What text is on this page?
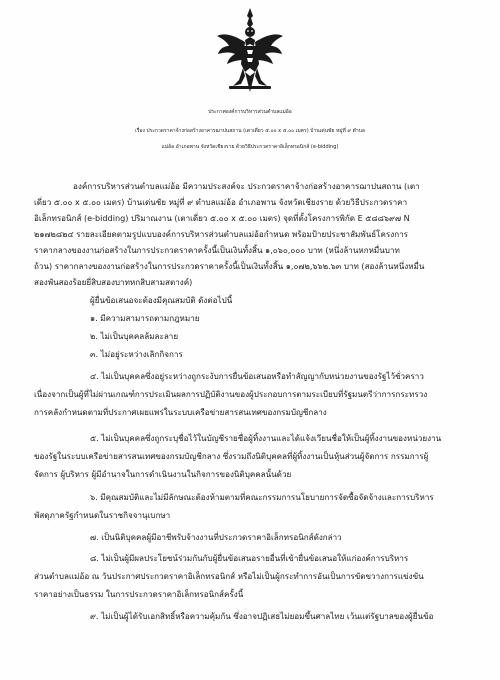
ประกาศองค์การบริหารส่วนตำบลแม่อ้อ
เรื่อง ประกวดราคาจ้างก่อสร้างอาคารฌาปนสถาน (เตาเดี่ยว ๕.๐๐ x ๕.๐๐ เมตร) บ้านเด่นชัย หมู่ที่ ๙ ตำบล
แม่อ้อ อำเภอพาน จังหวัดเชียงราย ด้วยวิธีประกวดราคาอิเล็กทรอนิกส์ (e-bidding)
องค์การบริหารส่วนตำบลแม่อ้อ มีความประสงค์จะ ประกวดราคาจ้างก่อสร้างอาคารฌาปนสถาน (เตา
เดี่ยว ๕.๐๐ x ๕.๐๐ เมตร) บ้านเด่นชัย หมู่ที่ ๙ ตำบลแม่อ้อ อำเภอพาน จังหวัดเชียงราย ด้วยวิธีประกวดราคา
อิเล็กทรอนิกส์ (e-bidding) ปริมาณงาน (เตาเดี่ยว ๕.๐๐ x ๕.๐๐ เมตร) จุดที่ตั้งโครงการพิกัด E ๕๘๘๖๙๗ N
๒๑๗๒๘๒๔ รายละเอียดตามรูปแบบองค์การบริหารส่วนตำบลแม่อ้อกำหนด พร้อมป้ายประชาสัมพันธ์โครงการ
ราคากลางของงานก่อสร้างในการประกวดราคาครั้งนี้เป็นเงินทั้งสิ้น ๑,๐๖๐,๐๐๐ บาท (หนึ่งล้านหกหมื่นบาท
ถ้วน) ราคากลางของงานก่อสร้างในการประกวดราคาครั้งนี้เป็นเงินทั้งสิ้น ๑,๐๗๒,๖๖๒.๖๓ บาท (สองล้านหนึ่งหมื่น
สองพันสองร้อยยี่สิบสองบาทหกสิบสามสตางค์)
ผู้ยื่นข้อเสนอจะต้องมีคุณสมบัติ ดังต่อไปนี้
๑. มีความสามารถตามกฎหมาย
๒. ไม่เป็นบุคคลล้มละลาย
๓. ไม่อยู่ระหว่างเลิกกิจการ
๔. ไม่เป็นบุคคลซึ่งอยู่ระหว่างถูกระงับการยื่นข้อเสนอหรือทำสัญญากับหน่วยงานของรัฐไว้ชั่วคราว
เนื่องจากเป็นผู้ที่ไม่ผ่านเกณฑ์การประเมินผลการปฏิบัติงานของผู้ประกอบการตามระเบียบที่รัฐมนตรีว่าการกระทรวง
การคลังกำหนดตามที่ประกาศเผยแพร่ในระบบเครือข่ายสารสนเทศของกรมบัญชีกลาง
๕. ไม่เป็นบุคคลซึ่งถูกระบุชื่อไว้ในบัญชีรายชื่อผู้ทิ้งงานและได้แจ้งเวียนชื่อให้เป็นผู้ทิ้งงานของหน่วยงาน
ของรัฐในระบบเครือข่ายสารสนเทศของกรมบัญชีกลาง ซึ่งรวมถึงนิติบุคคลที่ผู้ทิ้งงานเป็นหุ้นส่วนผู้จัดการ กรรมการผู้
จัดการ ผู้บริหาร ผู้มีอำนาจในการดำเนินงานในกิจการของนิติบุคคลนั้นด้วย
๖. มีคุณสมบัติและไม่มีลักษณะต้องห้ามตามที่คณะกรรมการนโยบายการจัดซื้อจัดจ้างและการบริหาร
พัสดุภาครัฐกำหนดในราชกิจจานุเบกษา
๗. เป็นนิติบุคคลผู้มีอาชีพรับจ้างงานที่ประกวดราคาอิเล็กทรอนิกส์ดังกล่าว
๘. ไม่เป็นผู้มีผลประโยชน์ร่วมกันกับผู้ยื่นข้อเสนอรายอื่นที่เข้ายื่นข้อเสนอให้แก่องค์การบริหาร
ส่วนตำบลแม่อ้อ ณ วันประกาศประกวดราคาอิเล็กทรอนิกส์ หรือไม่เป็นผู้กระทำการอันเป็นการขัดขวางการแข่งขัน
ราคาอย่างเป็นธรรม ในการประกวดราคาอิเล็กทรอนิกส์ครั้งนี้
๙. ไม่เป็นผู้ได้รับเอกสิทธิ์หรือความคุ้มกัน ซึ่งอาจปฏิเสธไม่ยอมขึ้นศาลไทย เว้นแต่รัฐบาลของผู้ยื่นข้อ
